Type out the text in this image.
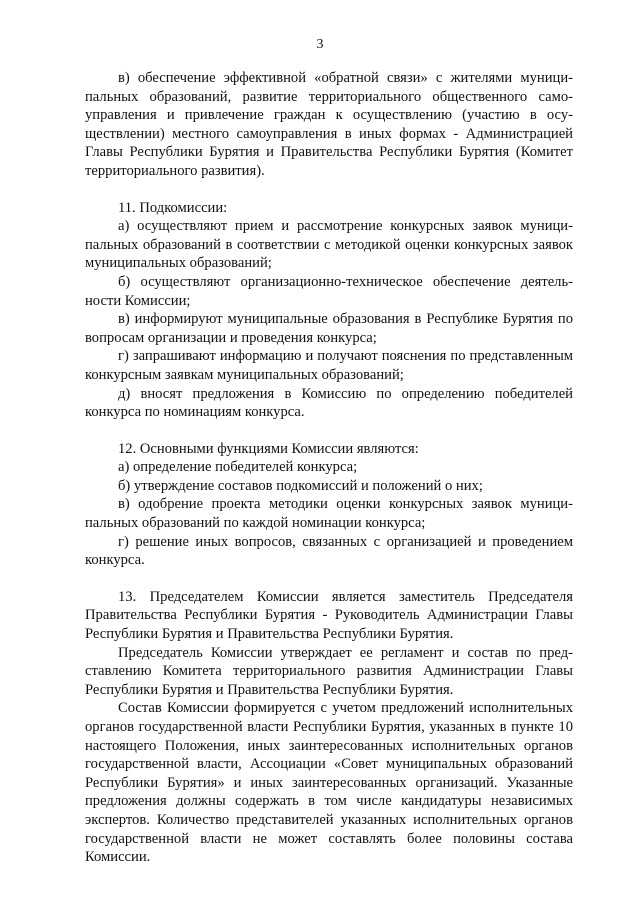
3

в) обеспечение эффективной «обратной связи» с жителями муниципальных образований, развитие территориального общественного самоуправления и привлечение граждан к осуществлению (участию в осуществлении) местного самоуправления в иных формах - Администрацией Главы Республики Бурятия и Правительства Республики Бурятия (Комитет территориального развития).

11. Подкомиссии:

а) осуществляют прием и рассмотрение конкурсных заявок муниципальных образований в соответствии с методикой оценки конкурсных заявок муниципальных образований;

б) осуществляют организационно-техническое обеспечение деятельности Комиссии;

в) информируют муниципальные образования в Республике Бурятия по вопросам организации и проведения конкурса;

г) запрашивают информацию и получают пояснения по представленным конкурсным заявкам муниципальных образований;

д) вносят предложения в Комиссию по определению победителей конкурса по номинациям конкурса.

12. Основными функциями Комиссии являются:

а) определение победителей конкурса;

б) утверждение составов подкомиссий и положений о них;

в) одобрение проекта методики оценки конкурсных заявок муниципальных образований по каждой номинации конкурса;

г) решение иных вопросов, связанных с организацией и проведением конкурса.

13. Председателем Комиссии является заместитель Председателя Правительства Республики Бурятия - Руководитель Администрации Главы Республики Бурятия и Правительства Республики Бурятия.

Председатель Комиссии утверждает ее регламент и состав по представлению Комитета территориального развития Администрации Главы Республики Бурятия и Правительства Республики Бурятия.

Состав Комиссии формируется с учетом предложений исполнительных органов государственной власти Республики Бурятия, указанных в пункте 10 настоящего Положения, иных заинтересованных исполнительных органов государственной власти, Ассоциации «Совет муниципальных образований Республики Бурятия» и иных заинтересованных организаций. Указанные предложения должны содержать в том числе кандидатуры независимых экспертов. Количество представителей указанных исполнительных органов государственной власти не может составлять более половины состава Комиссии.
